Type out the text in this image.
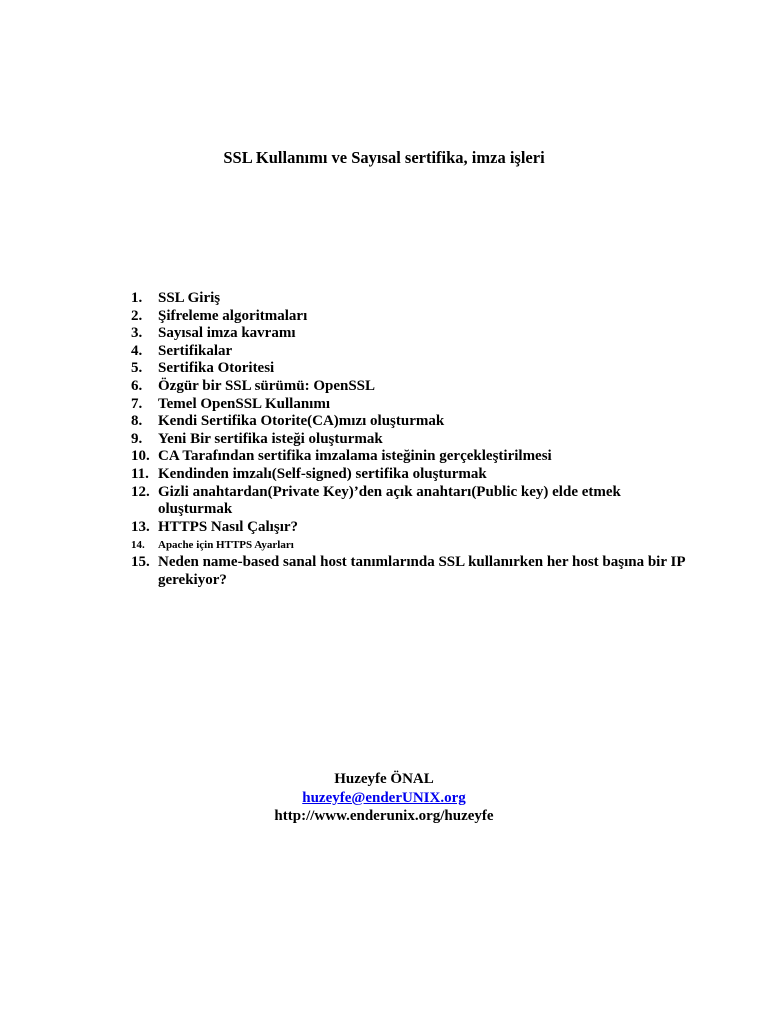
SSL Kullanımı ve Sayısal sertifika, imza işleri
1.	SSL Giriş
2.	Şifreleme algoritmaları
3.	Sayısal imza kavramı
4.	Sertifikalar
5.	Sertifika Otoritesi
6.	Özgür bir SSL sürümü: OpenSSL
7.	Temel OpenSSL Kullanımı
8.	Kendi Sertifika Otorite(CA)mızı oluşturmak
9.	Yeni Bir sertifika isteği oluşturmak
10. CA Tarafından sertifika imzalama isteğinin gerçekleştirilmesi
11. Kendinden imzalı(Self-signed) sertifika oluşturmak
12. Gizli anahtardan(Private Key)’den açık anahtarı(Public key) elde etmek oluşturmak
13. HTTPS Nasıl Çalışır?
14.	Apache için HTTPS Ayarları
15. Neden name-based sanal host tanımlarında SSL kullanırken her host başına bir IP gerekiyor?
Huzeyfe ÖNAL
huzeyfe@enderUNIX.org
http://www.enderunix.org/huzeyfe
